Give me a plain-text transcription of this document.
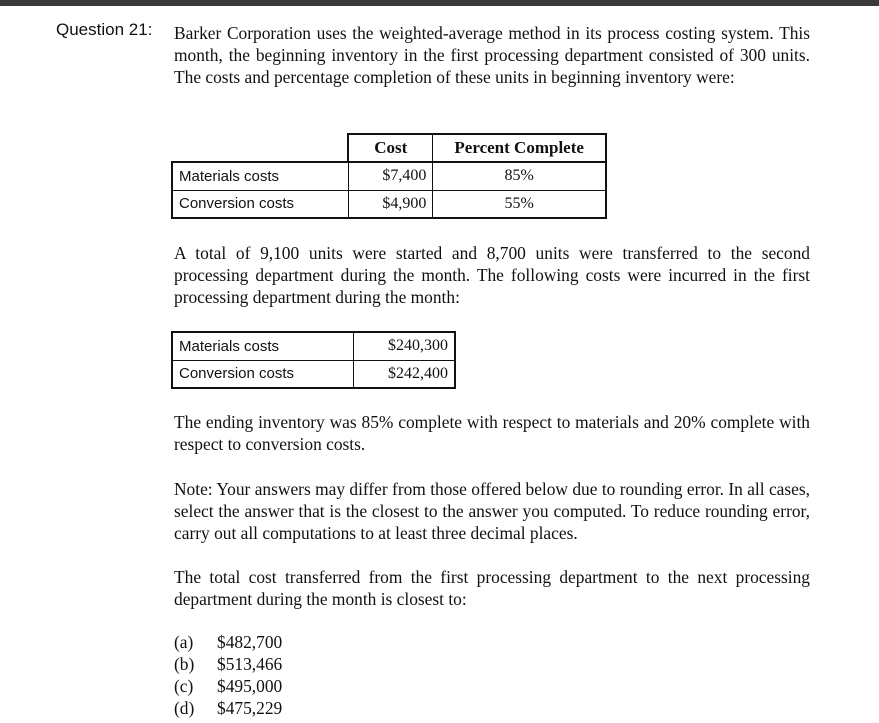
Question 21: Barker Corporation uses the weighted-average method in its process costing system. This month, the beginning inventory in the first processing department consisted of 300 units. The costs and percentage completion of these units in beginning inventory were:

	Cost	Percent Complete
Materials costs	$7,400	85%
Conversion costs	$4,900	55%

A total of 9,100 units were started and 8,700 units were transferred to the second processing department during the month. The following costs were incurred in the first processing department during the month:

Materials costs	$240,300
Conversion costs	$242,400

The ending inventory was 85% complete with respect to materials and 20% complete with respect to conversion costs.

Note: Your answers may differ from those offered below due to rounding error. In all cases, select the answer that is the closest to the answer you computed. To reduce rounding error, carry out all computations to at least three decimal places.

The total cost transferred from the first processing department to the next processing department during the month is closest to:

(a)	$482,700
(b)	$513,466
(c)	$495,000
(d)	$475,229
